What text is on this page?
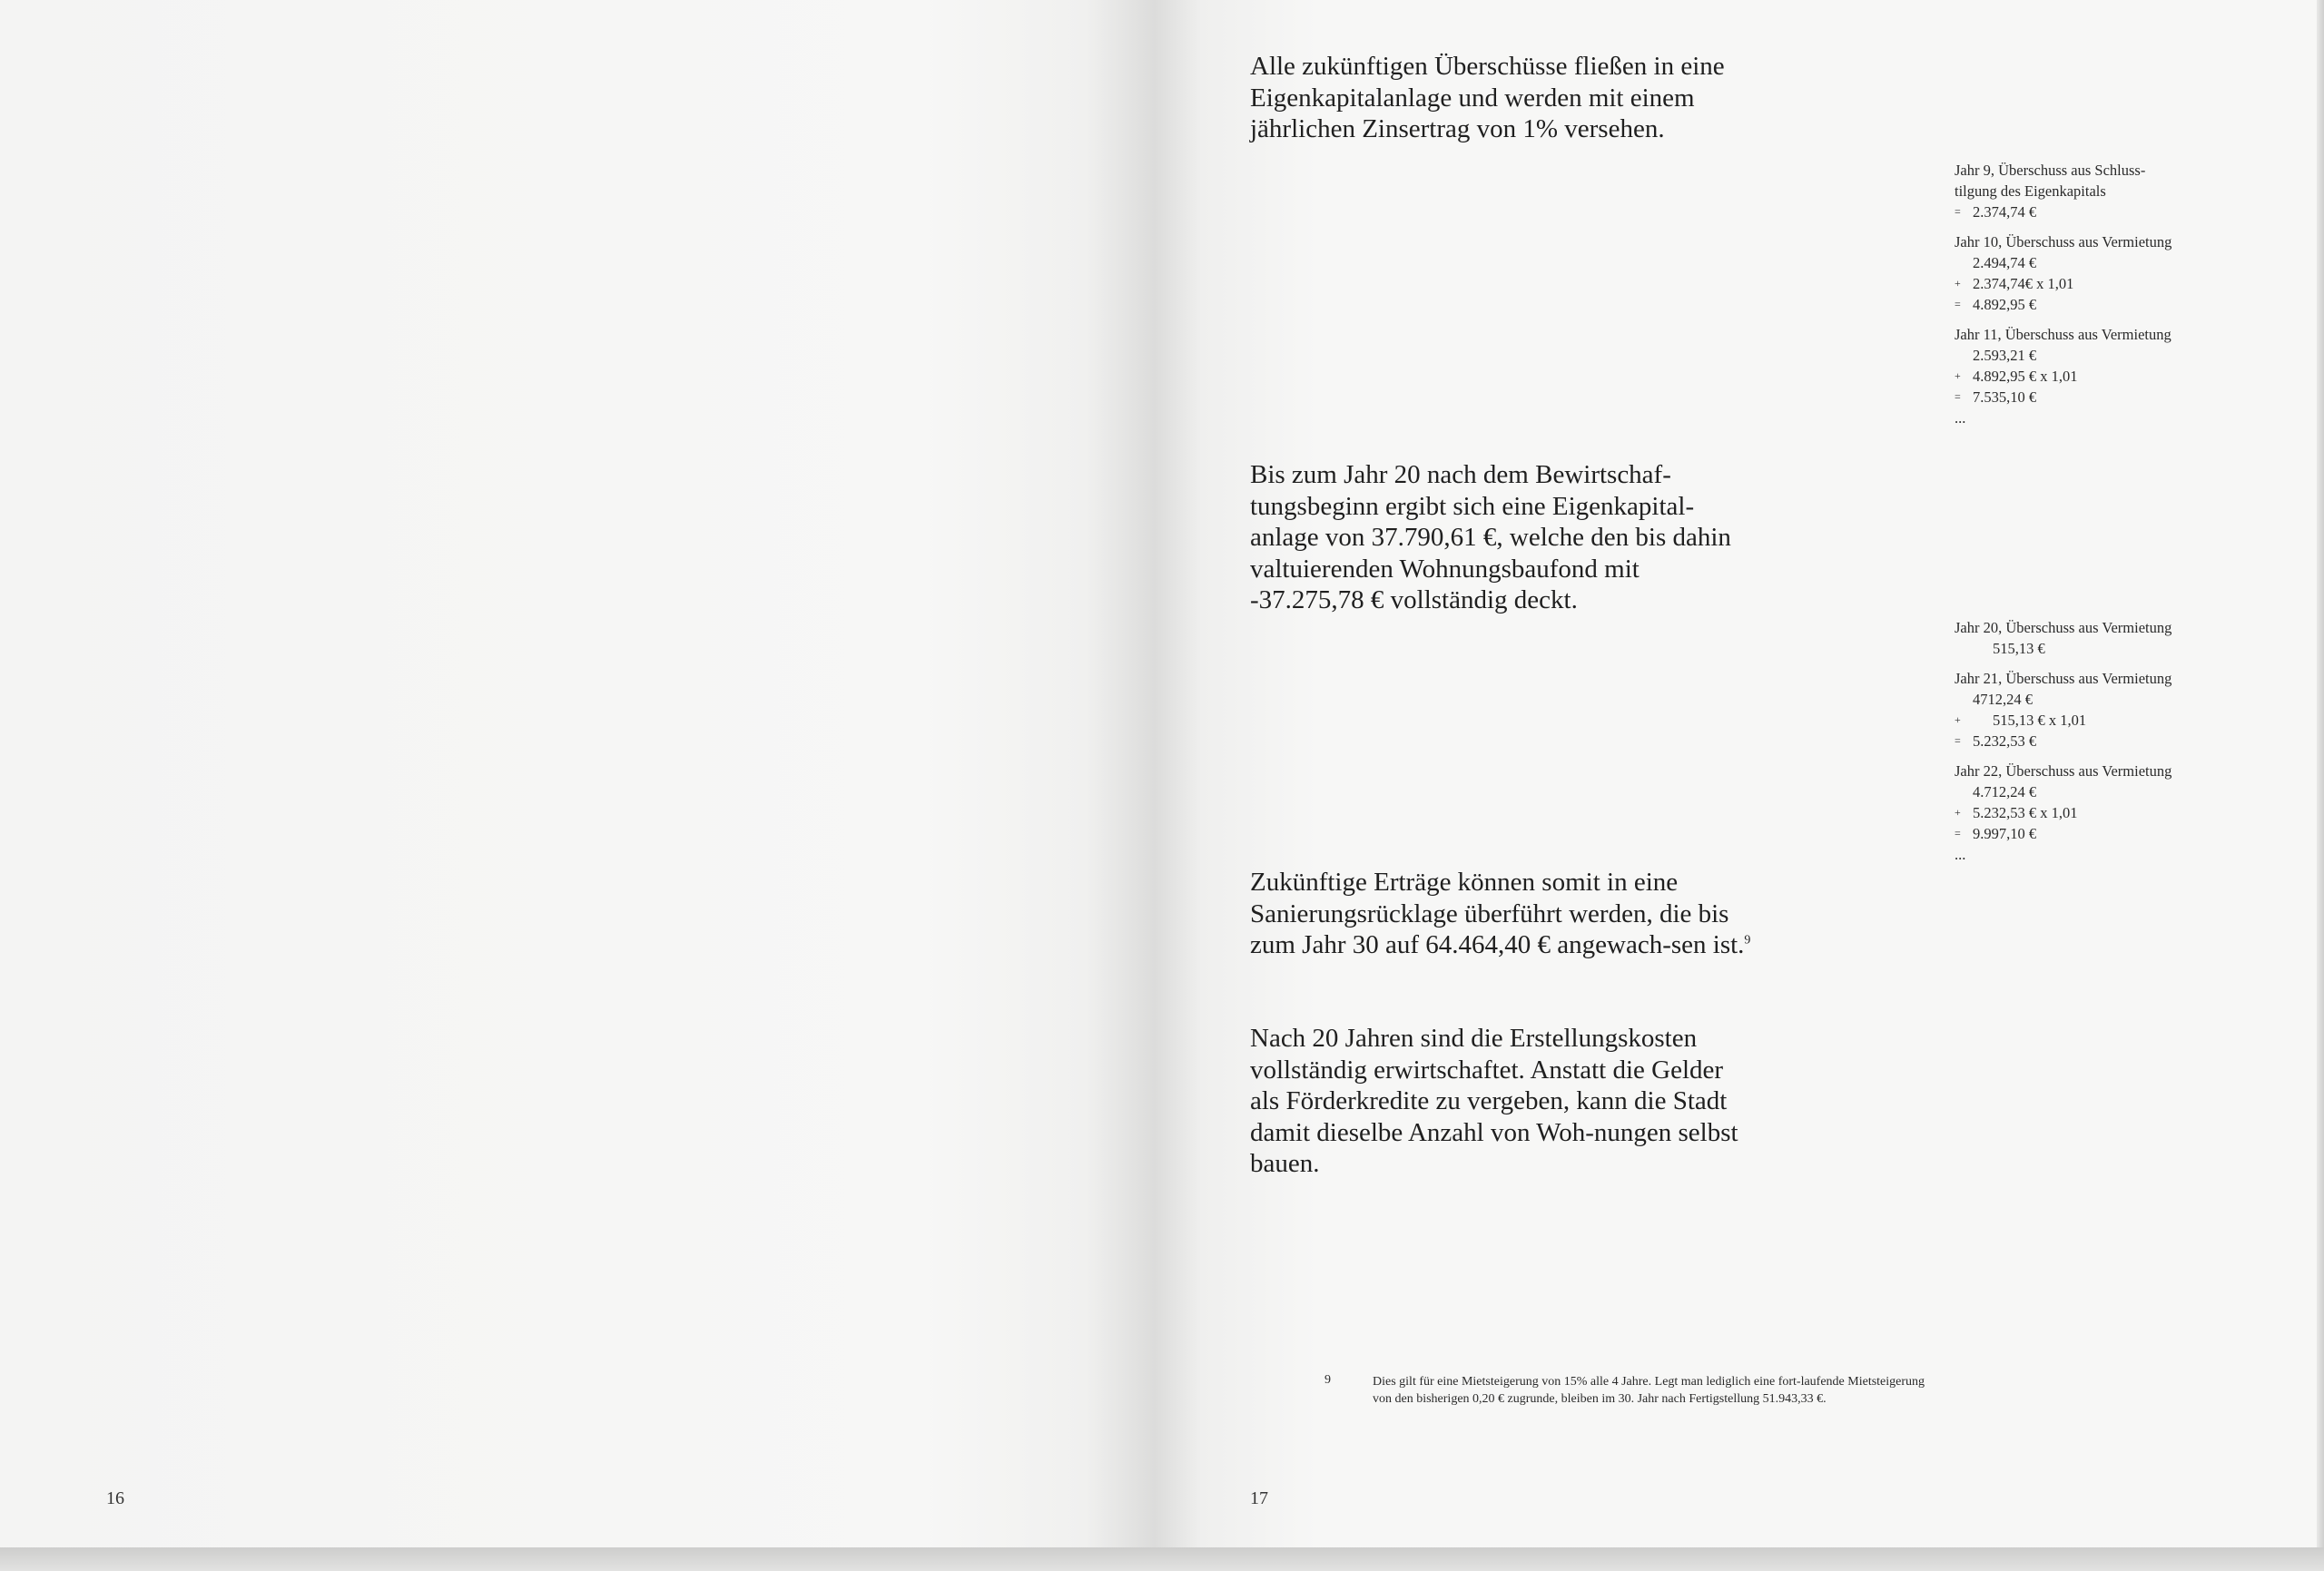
16

Alle zukünftigen Überschüsse fließen in eine Eigenkapitalanlage und werden mit einem jährlichen Zinsertrag von 1% versehen.

Bis zum Jahr 20 nach dem Bewirtschaf-tungsbeginn ergibt sich eine Eigenkapital-anlage von 37.790,61 €, welche den bis dahin valtuierenden Wohnungsbaufond mit -37.275,78 € vollständig deckt.

Zukünftige Erträge können somit in eine Sanierungsrücklage überführt werden, die bis zum Jahr 30 auf 64.464,40 € angewach-sen ist.$^9$

Nach 20 Jahren sind die Erstellungskosten vollständig erwirtschaftet. Anstatt die Gelder als Förderkredite zu vergeben, kann die Stadt damit dieselbe Anzahl von Woh-nungen selbst bauen.

Jahr 9, Überschuss aus Schluss-
tilgung des Eigenkapitals
= 2.374,74 €
Jahr 10, Überschuss aus Vermietung
2.494,74 €
+ 2.374,74€ x 1,01
= 4.892,95 €
Jahr 11, Überschuss aus Vermietung
2.593,21 €
+ 4.892,95 € x 1,01
= 7.535,10 €
...
Jahr 20, Überschuss aus Vermietung
515,13 €
Jahr 21, Überschuss aus Vermietung
4712,24 €
+	515,13 € x 1,01
= 5.232,53 €
Jahr 22, Überschuss aus Vermietung
4.712,24 €
+ 5.232,53 € x 1,01
= 9.997,10 €
...
9	Dies gilt für eine Mietsteigerung von 15% alle 4 Jahre. Legt man lediglich eine fort-laufende Mietsteigerung von den bisherigen 0,20 € zugrunde, bleiben im 30. Jahr nach Fertigstellung 51.943,33 €.
17
